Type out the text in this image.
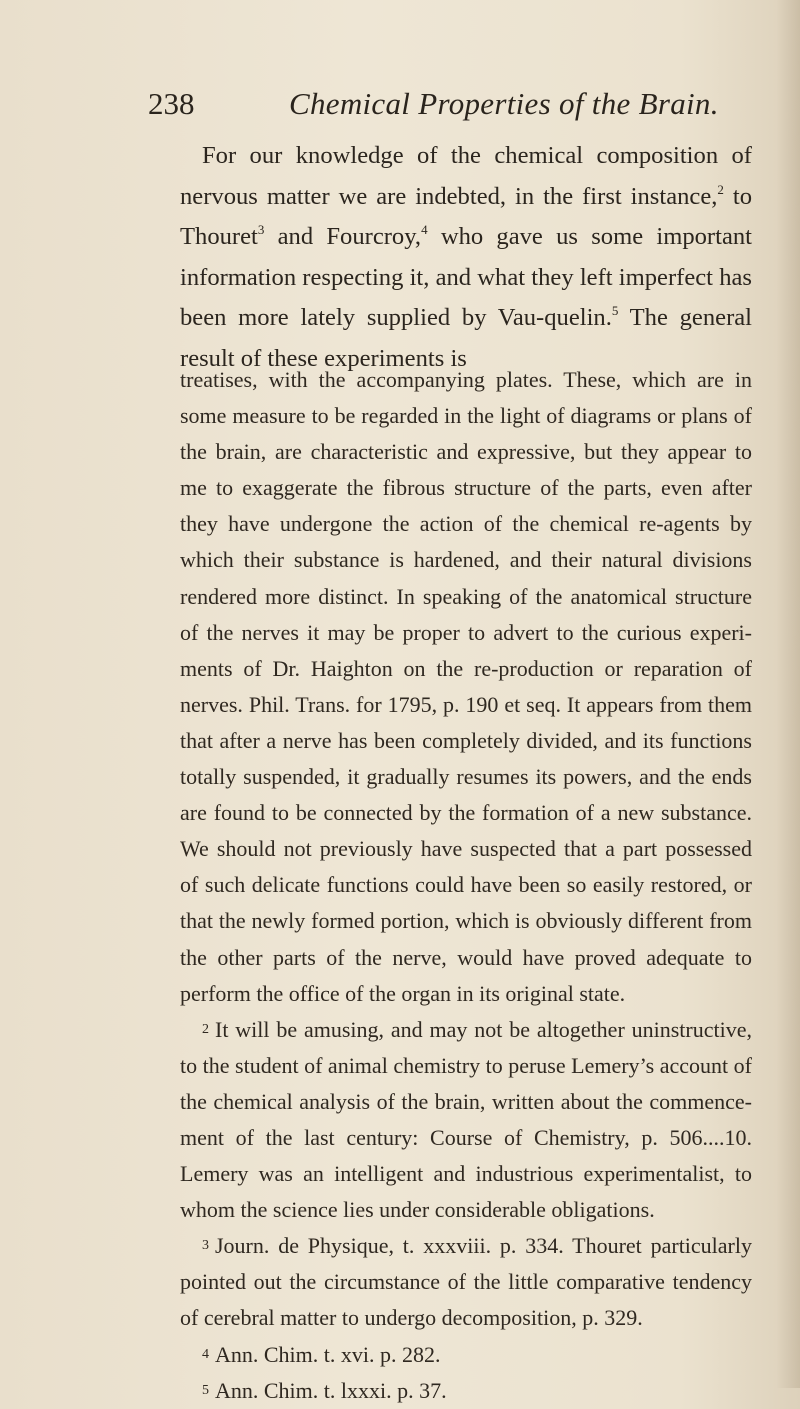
238	Chemical Properties of the Brain.
For our knowledge of the chemical composition of nervous matter we are indebted, in the first instance,$^2$ to Thouret$^3$ and Fourcroy,$^4$ who gave us some important information respecting it, and what they left imperfect has been more lately supplied by Vau-quelin.$^5$ The general result of these experiments is

treatises, with the accompanying plates. These, which are in some measure to be regarded in the light of diagrams or plans of the brain, are characteristic and expressive, but they appear to me to exaggerate the fibrous structure of the parts, even after they have undergone the action of the chemical re-agents by which their substance is hardened, and their natural divisions rendered more distinct. In speaking of the anatomical structure of the nerves it may be proper to advert to the curious experi-ments of Dr. Haighton on the re-production or reparation of nerves. Phil. Trans. for 1795, p. 190 et seq. It appears from them that after a nerve has been completely divided, and its functions totally suspended, it gradually resumes its powers, and the ends are found to be connected by the formation of a new substance. We should not previously have suspected that a part possessed of such delicate functions could have been so easily restored, or that the newly formed portion, which is obviously different from the other parts of the nerve, would have proved adequate to perform the office of the organ in its original state.

2 It will be amusing, and may not be altogether uninstructive, to the student of animal chemistry to peruse Lemery’s account of the chemical analysis of the brain, written about the commence-ment of the last century: Course of Chemistry, p. 506....10. Lemery was an intelligent and industrious experimentalist, to whom the science lies under considerable obligations.

3 Journ. de Physique, t. xxxviii. p. 334. Thouret particularly pointed out the circumstance of the little comparative tendency of cerebral matter to undergo decomposition, p. 329.

4 Ann. Chim. t. xvi. p. 282.

5 Ann. Chim. t. lxxxi. p. 37.
